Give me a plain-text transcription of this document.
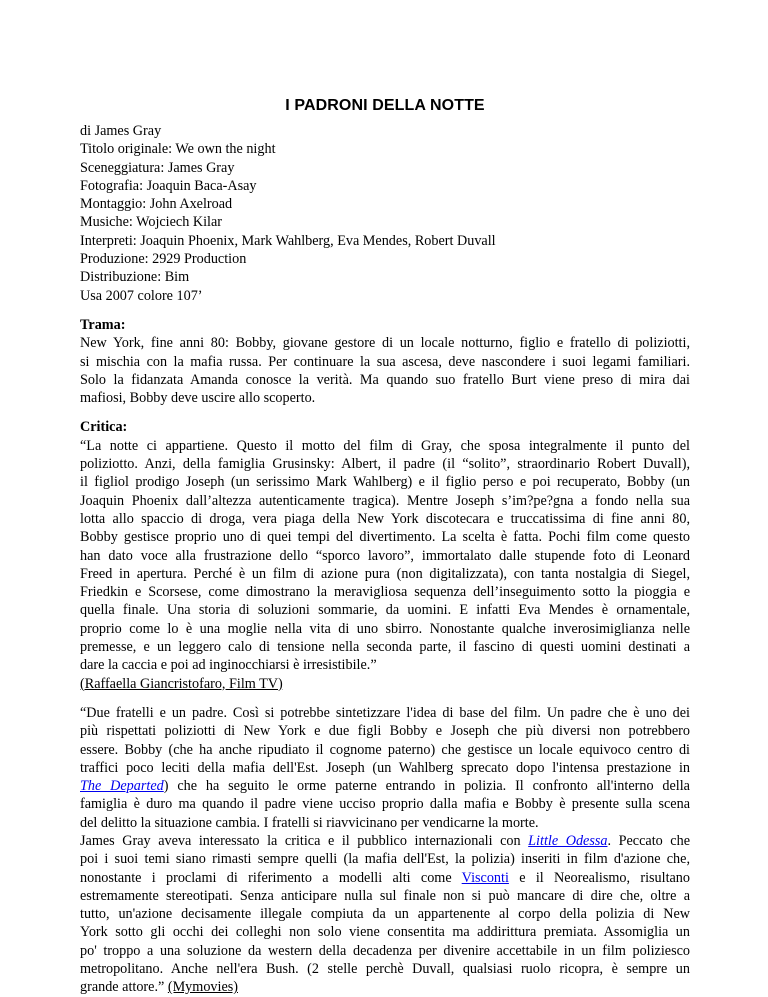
I PADRONI DELLA NOTTE
di James Gray
Titolo originale: We own the night
Sceneggiatura: James Gray
Fotografia: Joaquin Baca-Asay
Montaggio: John Axelroad
Musiche: Wojciech Kilar
Interpreti: Joaquin Phoenix, Mark Wahlberg, Eva Mendes, Robert Duvall
Produzione: 2929 Production
Distribuzione: Bim
Usa 2007 colore 107’
Trama:
New York, fine anni 80: Bobby, giovane gestore di un locale notturno, figlio e fratello di poliziotti,
si mischia con la mafia russa. Per continuare la sua ascesa, deve nascondere i suoi legami familiari.
Solo la fidanzata Amanda conosce la verità. Ma quando suo fratello Burt viene preso di mira dai
mafiosi, Bobby deve uscire allo scoperto.
Critica:
“La notte ci appartiene. Questo il motto del film di Gray, che sposa integralmente il punto del
poliziotto. Anzi, della famiglia Grusinsky: Albert, il padre (il “solito”, straordinario Robert Duvall),
il figliol prodigo Joseph (un serissimo Mark Wahlberg) e il figlio perso e poi recuperato, Bobby (un
Joaquin Phoenix dall’altezza autenticamente tragica). Mentre Joseph s’im?pe?gna a fondo nella sua
lotta allo spaccio di droga, vera piaga della New York discotecara e truccatissima di fine anni 80,
Bobby gestisce proprio uno di quei tempi del divertimento. La scelta è fatta. Pochi film come questo
han dato voce alla frustrazione dello “sporco lavoro”, immortalato dalle stupende foto di Leonard
Freed in apertura. Perché è un film di azione pura (non digitalizzata), con tanta nostalgia di Siegel,
Friedkin e Scorsese, come dimostrano la meravigliosa sequenza dell’inseguimento sotto la pioggia e
quella finale. Una storia di soluzioni sommarie, da uomini. E infatti Eva Mendes è ornamentale,
proprio come lo è una moglie nella vita di uno sbirro. Nonostante qualche inverosimiglianza nelle
premesse, e un leggero calo di tensione nella seconda parte, il fascino di questi uomini destinati a
dare la caccia e poi ad inginocchiarsi è irresistibile.”
(Raffaella Giancristofaro, Film TV)
“Due fratelli e un padre. Così si potrebbe sintetizzare l'idea di base del film. Un padre che è uno dei
più rispettati poliziotti di New York e due figli Bobby e Joseph che più diversi non potrebbero
essere. Bobby (che ha anche ripudiato il cognome paterno) che gestisce un locale equivoco centro di
traffici poco leciti della mafia dell'Est. Joseph (un Wahlberg sprecato dopo l'intensa prestazione in
The Departed) che ha seguito le orme paterne entrando in polizia. Il confronto all'interno della
famiglia è duro ma quando il padre viene ucciso proprio dalla mafia e Bobby è presente sulla scena
del delitto la situazione cambia. I fratelli si riavvicinano per vendicarne la morte.
James Gray aveva interessato la critica e il pubblico internazionali con Little Odessa. Peccato che
poi i suoi temi siano rimasti sempre quelli (la mafia dell'Est, la polizia) inseriti in film d'azione che,
nonostante i proclami di riferimento a modelli alti come Visconti e il Neorealismo, risultano
estremamente stereotipati. Senza anticipare nulla sul finale non si può mancare di dire che, oltre a
tutto, un'azione decisamente illegale compiuta da un appartenente al corpo della polizia di New
York sotto gli occhi dei colleghi non solo viene consentita ma addirittura premiata. Assomiglia un
po' troppo a una soluzione da western della decadenza per divenire accettabile in un film poliziesco
metropolitano. Anche nell'era Bush. (2 stelle perchè Duvall, qualsiasi ruolo ricopra, è sempre un
grande attore.” (Mymovies)
